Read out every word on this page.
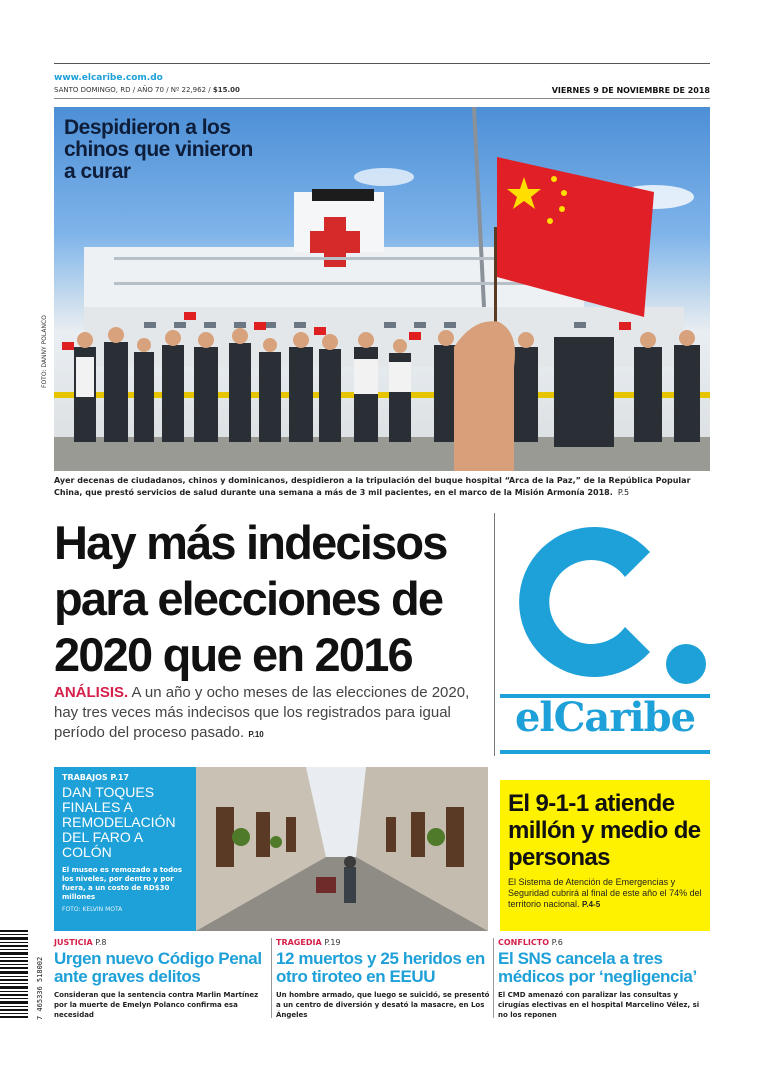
www.elcaribe.com.do
SANTO DOMINGO, RD / AÑO 70 / Nº 22,962 / $15.00	VIERNES 9 DE NOVIEMBRE DE 2018
Despidieron a los chinos que vinieron a curar
FOTO: DANNY POLANCO
Ayer decenas de ciudadanos, chinos y dominicanos, despidieron a la tripulación del buque hospital “Arca de la Paz,” de la República Popular China, que prestó servicios de salud durante una semana a más de 3 mil pacientes, en el marco de la Misión Armonía 2018. P.5
Hay más indecisos para elecciones de 2020 que en 2016
ANÁLISIS. A un año y ocho meses de las elecciones de 2020, hay tres veces más indecisos que los registrados para igual período del proceso pasado. P.10	elCaribe
TRABAJOS P.17
DAN TOQUES FINALES A REMODELACIÓN DEL FARO A COLÓN
El museo es remozado a todos los niveles, por dentro y por fuera, a un costo de RD$30 millones
FOTO: KELVIN MOTA
El 9-1-1 atiende millón y medio de personas
El Sistema de Atención de Emergencias y Seguridad cubrirá al final de este año el 74% del territorio nacional. P.4-5
JUSTICIA P.8
Urgen nuevo Código Penal ante graves delitos
Consideran que la sentencia contra Marlin Martínez por la muerte de Emelyn Polanco confirma esa necesidad
TRAGEDIA P.19
12 muertos y 25 heridos en otro tiroteo en EEUU
Un hombre armado, que luego se suicidó, se presentó a un centro de diversión y desató la masacre, en Los Ángeles
CONFLICTO P.6
El SNS cancela a tres médicos por ‘negligencia’
El CMD amenazó con paralizar las consultas y cirugías electivas en el hospital Marcelino Vélez, si no los reponen
7 465336 518002
